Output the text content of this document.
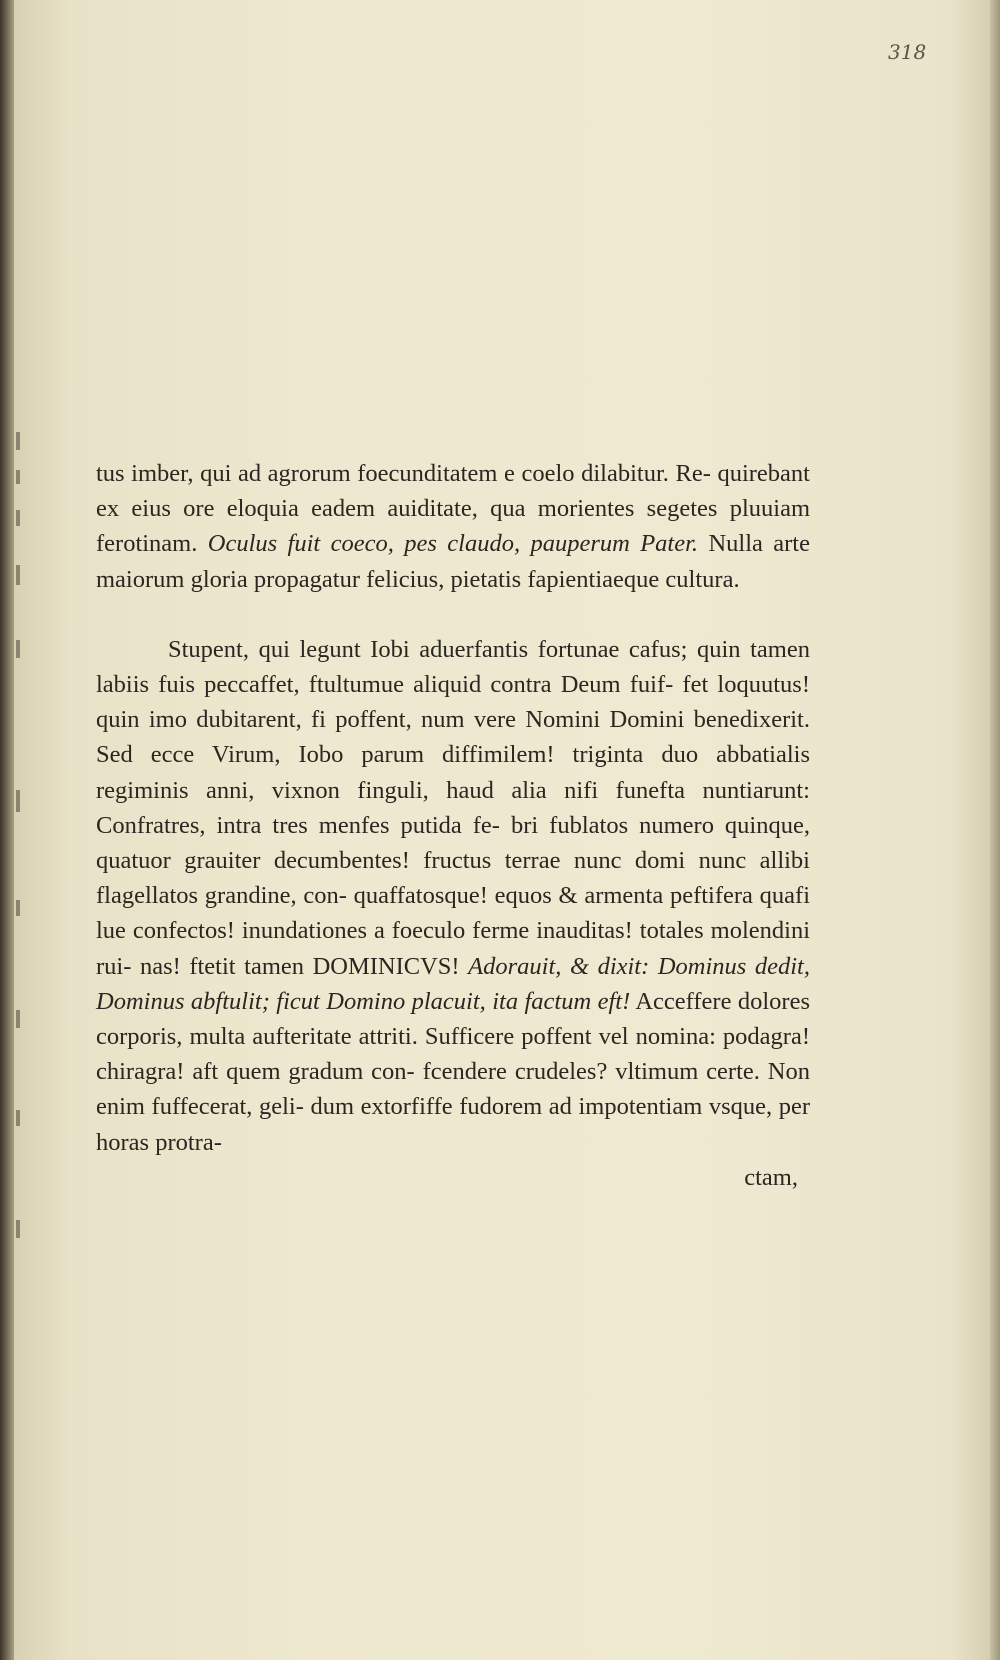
318

tus imber, qui ad agrorum foecunditatem e coelo dilabitur. Re- quirebant ex eius ore eloquia eadem auiditate, qua morientes segetes pluuiam ferotinam. Oculus fuit coeco, pes claudo, pauperum Pater. Nulla arte maiorum gloria propagatur felicius, pietatis fapientiaeque cultura.

Stupent, qui legunt Iobi aduerfantis fortunae cafus; quin tamen labiis fuis peccaffet, ftultumue aliquid contra Deum fuif- fet loquutus! quin imo dubitarent, fi poffent, num vere Nomini Domini benedixerit. Sed ecce Virum, Iobo parum diffimilem! triginta duo abbatialis regiminis anni, vixnon finguli, haud alia nifi funefta nuntiarunt: Confratres, intra tres menfes putida fe- bri fublatos numero quinque, quatuor grauiter decumbentes! fructus terrae nunc domi nunc allibi flagellatos grandine, con- quaffatosque! equos & armenta peftifera quafi lue confectos! inundationes a foeculo ferme inauditas! totales molendini rui- nas! ftetit tamen DOMINICVS! Adorauit, & dixit: Dominus dedit, Dominus abftulit; ficut Domino placuit, ita factum eft! Acceffere dolores corporis, multa aufteritate attriti. Sufficere poffent vel nomina: podagra! chiragra! aft quem gradum con- fcendere crudeles? vltimum certe. Non enim fuffecerat, geli- dum extorfiffe fudorem ad impotentiam vsque, per horas protra-

ctam,
